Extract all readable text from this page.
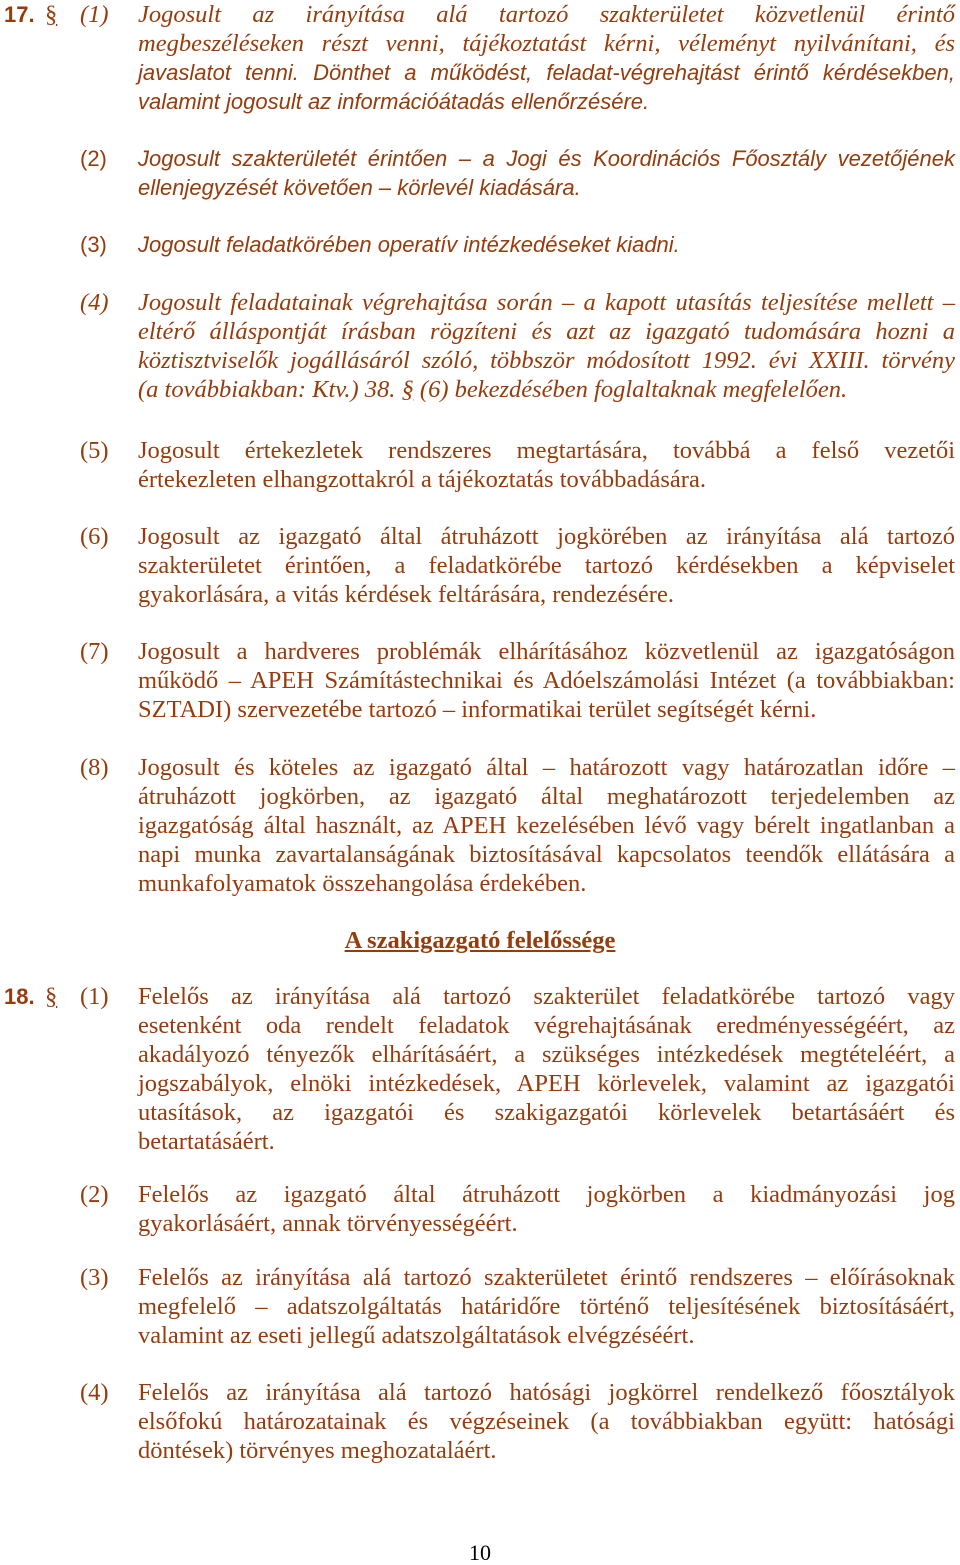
17. § (1) Jogosult az irányítása alá tartozó szakterületet közvetlenül érintő
megbeszéléseken részt venni, tájékoztatást kérni, véleményt nyilvánítani, és
javaslatot tenni. Dönthet a működést, feladat-végrehajtást érintő kérdésekben,
valamint jogosult az információátadás ellenőrzésére.
(2) Jogosult szakterületét érintően – a Jogi és Koordinációs Főosztály vezetőjének
ellenjegyzését követően – körlevél kiadására.
(3) Jogosult feladatkörében operatív intézkedéseket kiadni.
(4) Jogosult feladatainak végrehajtása során – a kapott utasítás teljesítése mellett –
eltérő álláspontját írásban rögzíteni és azt az igazgató tudomására hozni a
köztisztviselők jogállásáról szóló, többször módosított 1992. évi XXIII. törvény
(a továbbiakban: Ktv.) 38. § (6) bekezdésében foglaltaknak megfelelően.
(5) Jogosult értekezletek rendszeres megtartására, továbbá a felső vezetői
értekezleten elhangzottakról a tájékoztatás továbbadására.
(6) Jogosult az igazgató által átruházott jogkörében az irányítása alá tartozó
szakterületet érintően, a feladatkörébe tartozó kérdésekben a képviselet
gyakorlására, a vitás kérdések feltárására, rendezésére.
(7) Jogosult a hardveres problémák elhárításához közvetlenül az igazgatóságon
működő – APEH Számítástechnikai és Adóelszámolási Intézet (a továbbiakban:
SZTADI) szervezetébe tartozó – informatikai terület segítségét kérni.
(8) Jogosult és köteles az igazgató által – határozott vagy határozatlan időre –
átruházott jogkörben, az igazgató által meghatározott terjedelemben az
igazgatóság által használt, az APEH kezelésében lévő vagy bérelt ingatlanban a
napi munka zavartalanságának biztosításával kapcsolatos teendők ellátására a
munkafolyamatok összehangolása érdekében.
A szakigazgató felelőssége
18. § (1) Felelős az irányítása alá tartozó szakterület feladatkörébe tartozó vagy
esetenként oda rendelt feladatok végrehajtásának eredményességéért, az
akadályozó tényezők elhárításáért, a szükséges intézkedések megtételéért, a
jogszabályok, elnöki intézkedések, APEH körlevelek, valamint az igazgatói
utasítások, az igazgatói és szakigazgatói körlevelek betartásáért és
betartatásáért.
(2) Felelős az igazgató által átruházott jogkörben a kiadmányozási jog
gyakorlásáért, annak törvényességéért.
(3) Felelős az irányítása alá tartozó szakterületet érintő rendszeres – előírásoknak
megfelelő – adatszolgáltatás határidőre történő teljesítésének biztosításáért,
valamint az eseti jellegű adatszolgáltatások elvégzéséért.
(4) Felelős az irányítása alá tartozó hatósági jogkörrel rendelkező főosztályok
elsőfokú határozatainak és végzéseinek (a továbbiakban együtt: hatósági
döntések) törvényes meghozataláért.
10
